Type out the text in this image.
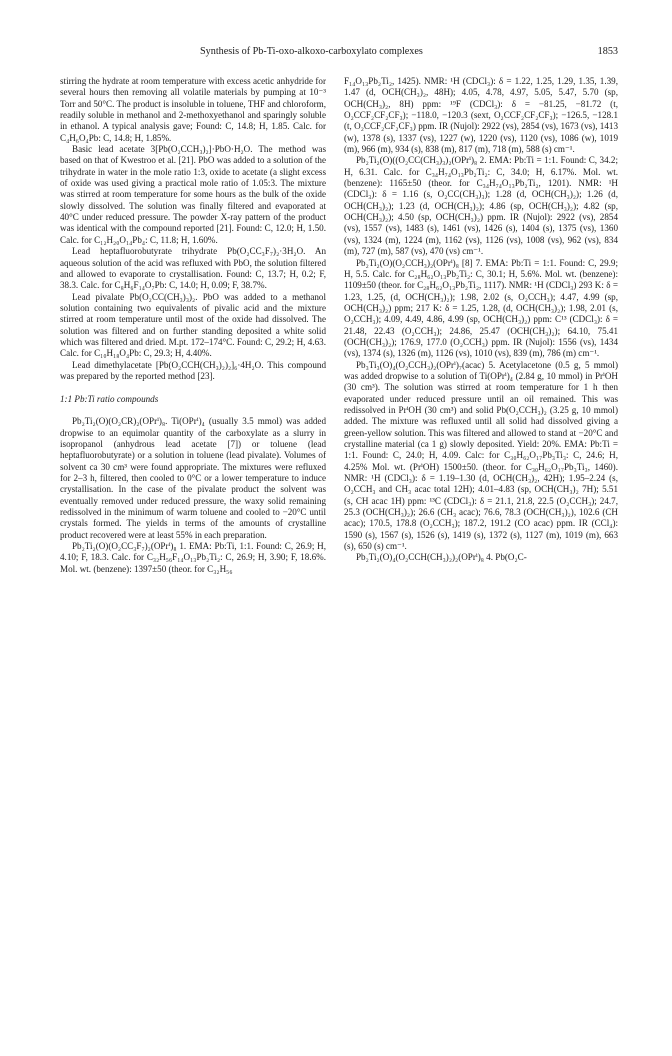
Synthesis of Pb-Ti-oxo-alkoxo-carboxylato complexes	1853

stirring the hydrate at room temperature with excess acetic anhydride for several hours then removing all volatile materials by pumping at 10⁻³ Torr and 50°C. The product is insoluble in toluene, THF and chloroform, readily soluble in methanol and 2-methoxyethanol and sparingly soluble in ethanol. A typical analysis gave; Found: C, 14.8; H, 1.85. Calc. for C₄H₆O₄Pb: C, 14.8; H, 1.85%.

Basic lead acetate 3[Pb(O₂CCH₃)₂]·PbO·H₂O. The method was based on that of Kwestroo et al. [21]. PbO was added to a solution of the trihydrate in water in the mole ratio 1:3, oxide to acetate (a slight excess of oxide was used giving a practical mole ratio of 1.05:3. The mixture was stirred at room temperature for some hours as the bulk of the oxide slowly dissolved. The solution was finally filtered and evaporated at 40°C under reduced pressure. The powder X-ray pattern of the product was identical with the compound reported [21]. Found: C, 12.0; H, 1.50. Calc. for C₁₂H₂₀O₁₄Pb₄: C, 11.8; H, 1.60%.

Lead heptafluorobutyrate trihydrate Pb(O₂CC₃F₇)₂·3H₂O. An aqueous solution of the acid was refluxed with PbO, the solution filtered and allowed to evaporate to crystallisation. Found: C, 13.7; H, 0.2; F, 38.3. Calc. for C₈H₆F₁₄O₇Pb: C, 14.0; H, 0.09; F, 38.7%.

Lead pivalate Pb(O₂CC(CH₃)₃)₂. PbO was added to a methanol solution containing two equivalents of pivalic acid and the mixture stirred at room temperature until most of the oxide had dissolved. The solution was filtered and on further standing deposited a white solid which was filtered and dried. M.pt. 172–174°C. Found: C, 29.2; H, 4.63. Calc. for C₁₀H₁₈O₄Pb: C, 29.3; H, 4.40%.

Lead dimethylacetate [Pb(O₂CCH(CH₃)₂)₂]₆·4H₂O. This compound was prepared by the reported method [23].

1:1 Pb:Ti ratio compounds

Pb₂Ti₂(O)(O₂CR)₂(OPrⁱ)₈. Ti(OPrⁱ)₄ (usually 3.5 mmol) was added dropwise to an equimolar quantity of the carboxylate as a slurry in isopropanol (anhydrous lead acetate [7]) or toluene (lead heptafluorobutyrate) or a solution in toluene (lead pivalate). Volumes of solvent ca 30 cm³ were found appropriate. The mixtures were refluxed for 2–3 h, filtered, then cooled to 0°C or a lower temperature to induce crystallisation. In the case of the pivalate product the solvent was eventually removed under reduced pressure, the waxy solid remaining redissolved in the minimum of warm toluene and cooled to −20°C until crystals formed. The yields in terms of the amounts of crystalline product recovered were at least 55% in each preparation.

Pb₂Ti₂(O)(O₂CC₃F₇)₂(OPrⁱ)₈ 1. EMA: Pb:Ti, 1:1. Found: C, 26.9; H, 4.10; F, 18.3. Calc. for C₃₂H₅₆F₁₄O₁₃Pb₂Ti₂: C, 26.9; H, 3.90; F, 18.6%. Mol. wt. (benzene): 1397±50 (theor. for C₃₂H₅₆

F₁₄O₁₃Pb₂Ti₂, 1425). NMR: ¹H (CDCl₃): δ = 1.22, 1.25, 1.29, 1.35, 1.39, 1.47 (d, OCH(CH₃)₂, 48H); 4.05, 4.78, 4.97, 5.05, 5.47, 5.70 (sp, OCH(CH₃)₂, 8H) ppm: ¹⁹F (CDCl₃): δ = −81.25, −81.72 (t, O₂CCF₂CF₂CF₃); −118.0, −120.3 (sext, O₂CCF₂CF₂CF₃); −126.5, −128.1 (t, O₂CCF₂CF₂CF₃) ppm. IR (Nujol): 2922 (vs), 2854 (vs), 1673 (vs), 1413 (w), 1378 (s), 1337 (vs), 1227 (w), 1220 (vs), 1120 (vs), 1086 (w), 1019 (m), 966 (m), 934 (s), 838 (m), 817 (m), 718 (m), 588 (s) cm⁻¹.

Pb₂Ti₂(O)((O₂CC(CH₃)₃)₂(OPrⁱ)₈ 2. EMA: Pb:Ti = 1:1. Found: C, 34.2; H, 6.31. Calc. for C₃₄H₇₄O₁₃Pb₂Ti₂: C, 34.0; H, 6.17%. Mol. wt. (benzene): 1165±50 (theor. for C₃₄H₇₄O₁₃Pb₂Ti₂, 1201). NMR: ¹H (CDCl₃): δ = 1.16 (s, O₂CC(CH₃)₃); 1.28 (d, OCH(CH₃)₂); 1.26 (d, OCH(CH₃)₂); 1.23 (d, OCH(CH₃)₂); 4.86 (sp, OCH(CH₃)₂); 4.82 (sp, OCH(CH₃)₂); 4.50 (sp, OCH(CH₃)₂) ppm. IR (Nujol): 2922 (vs), 2854 (vs), 1557 (vs), 1483 (s), 1461 (vs), 1426 (s), 1404 (s), 1375 (vs), 1360 (vs), 1324 (m), 1224 (m), 1162 (vs), 1126 (vs), 1008 (vs), 962 (vs), 834 (m), 727 (m), 587 (vs), 470 (vs) cm⁻¹.

Pb₂Ti₂(O)(O₂CCH₃)₂(OPrⁱ)₈ [8] 7. EMA: Pb:Ti = 1:1. Found: C, 29.9; H, 5.5. Calc. for C₂₈H₆₂O₁₃Pb₂Ti₂: C, 30.1; H, 5.6%. Mol. wt. (benzene): 1109±50 (theor. for C₂₈H₆₂O₁₃Pb₂Ti₂, 1117). NMR: ¹H (CDCl₃) 293 K: δ = 1.23, 1.25, (d, OCH(CH₃)₂); 1.98, 2.02 (s, O₂CCH₃); 4.47, 4.99 (sp, OCH(CH₃)₂) ppm; 217 K: δ = 1.25, 1.28, (d, OCH(CH₃)₂); 1.98, 2.01 (s, O₂CCH₃); 4.09, 4.49, 4.86, 4.99 (sp, OCH(CH₃)₂) ppm: C¹³ (CDCl₃): δ = 21.48, 22.43 (O₂CCH₃); 24.86, 25.47 (OCH(CH₃)₂); 64.10, 75.41 (OCH(CH₃)₂); 176.9, 177.0 (O₂CCH₃) ppm. IR (Nujol): 1556 (vs), 1434 (vs), 1374 (s), 1326 (m), 1126 (vs), 1010 (vs), 839 (m), 786 (m) cm⁻¹.

Pb₃Ti₃(O)₄(O₂CCH₃)₂(OPrⁱ)₇(acac) 5. Acetylacetone (0.5 g, 5 mmol) was added dropwise to a solution of Ti(OPrⁱ)₄ (2.84 g, 10 mmol) in PrⁱOH (30 cm³). The solution was stirred at room temperature for 1 h then evaporated under reduced pressure until an oil remained. This was redissolved in PrⁱOH (30 cm³) and solid Pb(O₂CCH₃)₂ (3.25 g, 10 mmol) added. The mixture was refluxed until all solid had dissolved giving a green-yellow solution. This was filtered and allowed to stand at −20°C and crystalline material (ca 1 g) slowly deposited. Yield: 20%. EMA: Pb:Ti = 1:1. Found: C, 24.0; H, 4.09. Calc: for C₃₀H₆₂O₁₇Pb₃Ti₃: C, 24.6; H, 4.25% Mol. wt. (PrⁱOH) 1500±50. (theor. for C₃₀H₆₂O₁₇Pb₃Ti₃, 1460). NMR: ¹H (CDCl₃): δ = 1.19–1.30 (d, OCH(CH₃)₂, 42H); 1.95–2.24 (s, O₂CCH₃ and CH₃ acac total 12H); 4.01–4.83 (sp, OCH(CH₃)₂ 7H); 5.51 (s, CH acac 1H) ppm: ¹³C (CDCl₃): δ = 21.1, 21.8, 22.5 (O₂CCH₃); 24.7, 25.3 (OCH(CH₃)₂); 26.6 (CH₃ acac); 76.6, 78.3 (OCH(CH₃)₂), 102.6 (CH acac); 170.5, 178.8 (O₂CCH₃); 187.2, 191.2 (CO acac) ppm. IR (CCl₄): 1590 (s), 1567 (s), 1526 (s), 1419 (s), 1372 (s), 1127 (m), 1019 (m), 663 (s), 650 (s) cm⁻¹.

Pb₂Ti₂(O)₄(O₂CCH(CH₃)₂)₂(OPrⁱ)₈ 4. Pb(O₂C-
